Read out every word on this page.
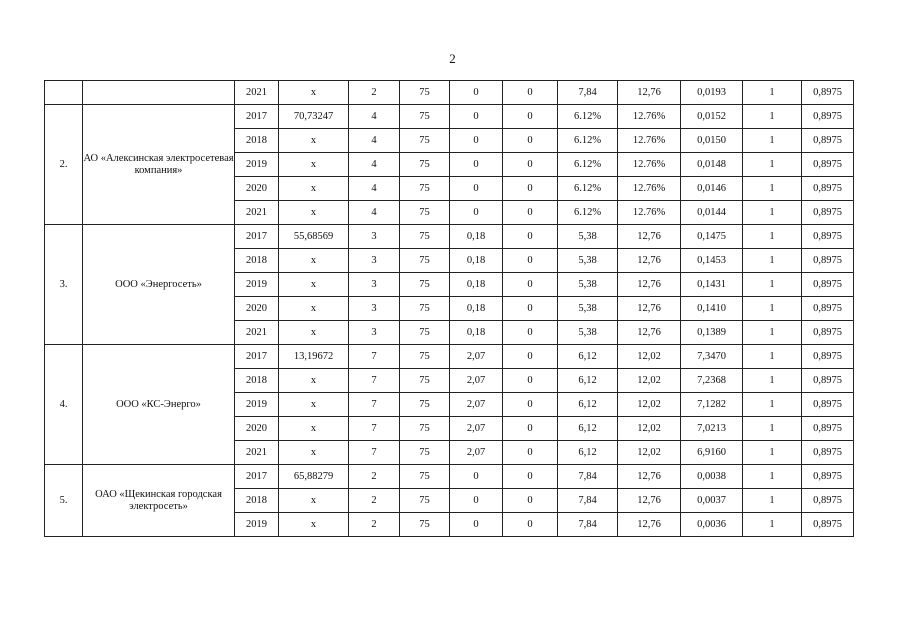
2
		2021	x	2	75	0	0	7,84	12,76	0,0193	1	0,8975
2.	АО «Алексинская электросетевая компания»	2017	70,73247	4	75	0	0	6.12%	12.76%	0,0152	1	0,8975
		2018	x	4	75	0	0	6.12%	12.76%	0,0150	1	0,8975
		2019	x	4	75	0	0	6.12%	12.76%	0,0148	1	0,8975
		2020	x	4	75	0	0	6.12%	12.76%	0,0146	1	0,8975
		2021	x	4	75	0	0	6.12%	12.76%	0,0144	1	0,8975
3.	ООО «Энергосеть»	2017	55,68569	3	75	0,18	0	5,38	12,76	0,1475	1	0,8975
		2018	x	3	75	0,18	0	5,38	12,76	0,1453	1	0,8975
		2019	x	3	75	0,18	0	5,38	12,76	0,1431	1	0,8975
		2020	x	3	75	0,18	0	5,38	12,76	0,1410	1	0,8975
		2021	x	3	75	0,18	0	5,38	12,76	0,1389	1	0,8975
4.	ООО «КС-Энерго»	2017	13,19672	7	75	2,07	0	6,12	12,02	7,3470	1	0,8975
		2018	x	7	75	2,07	0	6,12	12,02	7,2368	1	0,8975
		2019	x	7	75	2,07	0	6,12	12,02	7,1282	1	0,8975
		2020	x	7	75	2,07	0	6,12	12,02	7,0213	1	0,8975
		2021	x	7	75	2,07	0	6,12	12,02	6,9160	1	0,8975
5.	ОАО «Щекинская городская электросеть»	2017	65,88279	2	75	0	0	7,84	12,76	0,0038	1	0,8975
		2018	x	2	75	0	0	7,84	12,76	0,0037	1	0,8975
		2019	x	2	75	0	0	7,84	12,76	0,0036	1	0,8975
